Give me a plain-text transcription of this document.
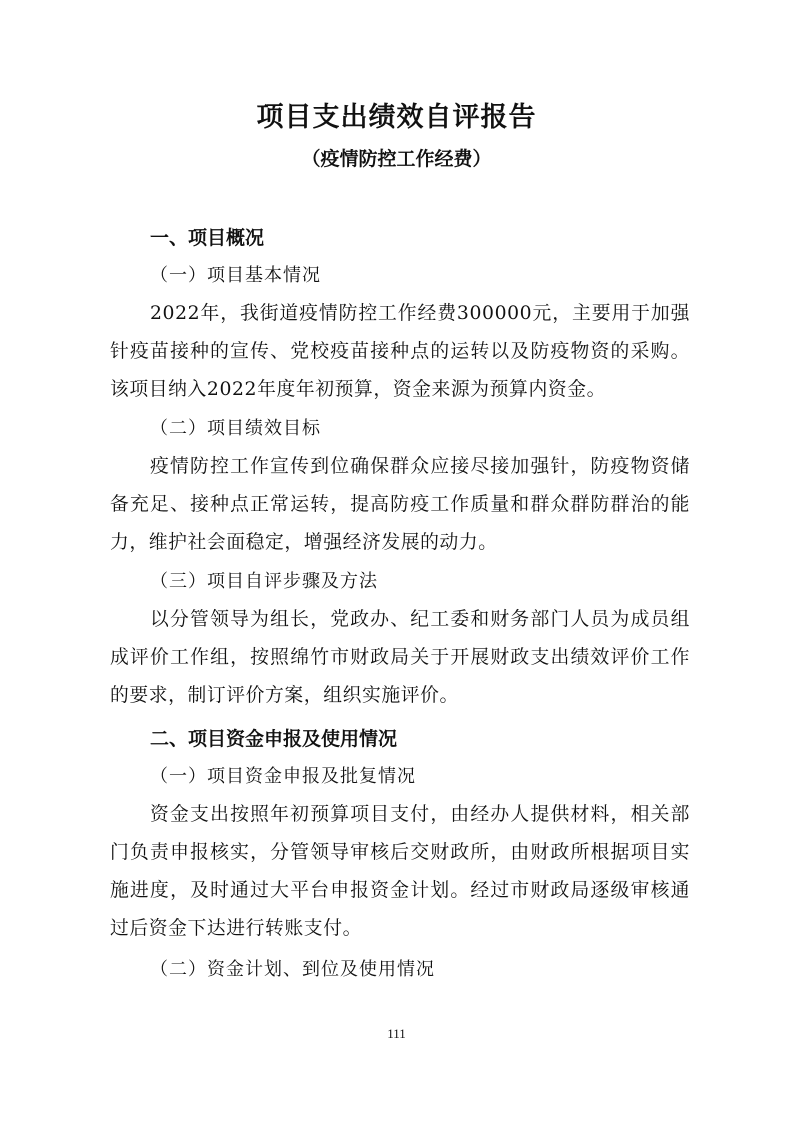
项目支出绩效自评报告
（疫情防控工作经费）
一、项目概况
（一）项目基本情况
2022年，我街道疫情防控工作经费300000元，主要用于加强针疫苗接种的宣传、党校疫苗接种点的运转以及防疫物资的采购。该项目纳入2022年度年初预算，资金来源为预算内资金。
（二）项目绩效目标
疫情防控工作宣传到位确保群众应接尽接加强针，防疫物资储备充足、接种点正常运转，提高防疫工作质量和群众群防群治的能力，维护社会面稳定，增强经济发展的动力。
（三）项目自评步骤及方法
以分管领导为组长，党政办、纪工委和财务部门人员为成员组成评价工作组，按照绵竹市财政局关于开展财政支出绩效评价工作的要求，制订评价方案，组织实施评价。
二、项目资金申报及使用情况
（一）项目资金申报及批复情况
资金支出按照年初预算项目支付，由经办人提供材料，相关部门负责申报核实，分管领导审核后交财政所，由财政所根据项目实施进度，及时通过大平台申报资金计划。经过市财政局逐级审核通过后资金下达进行转账支付。
（二）资金计划、到位及使用情况
111
